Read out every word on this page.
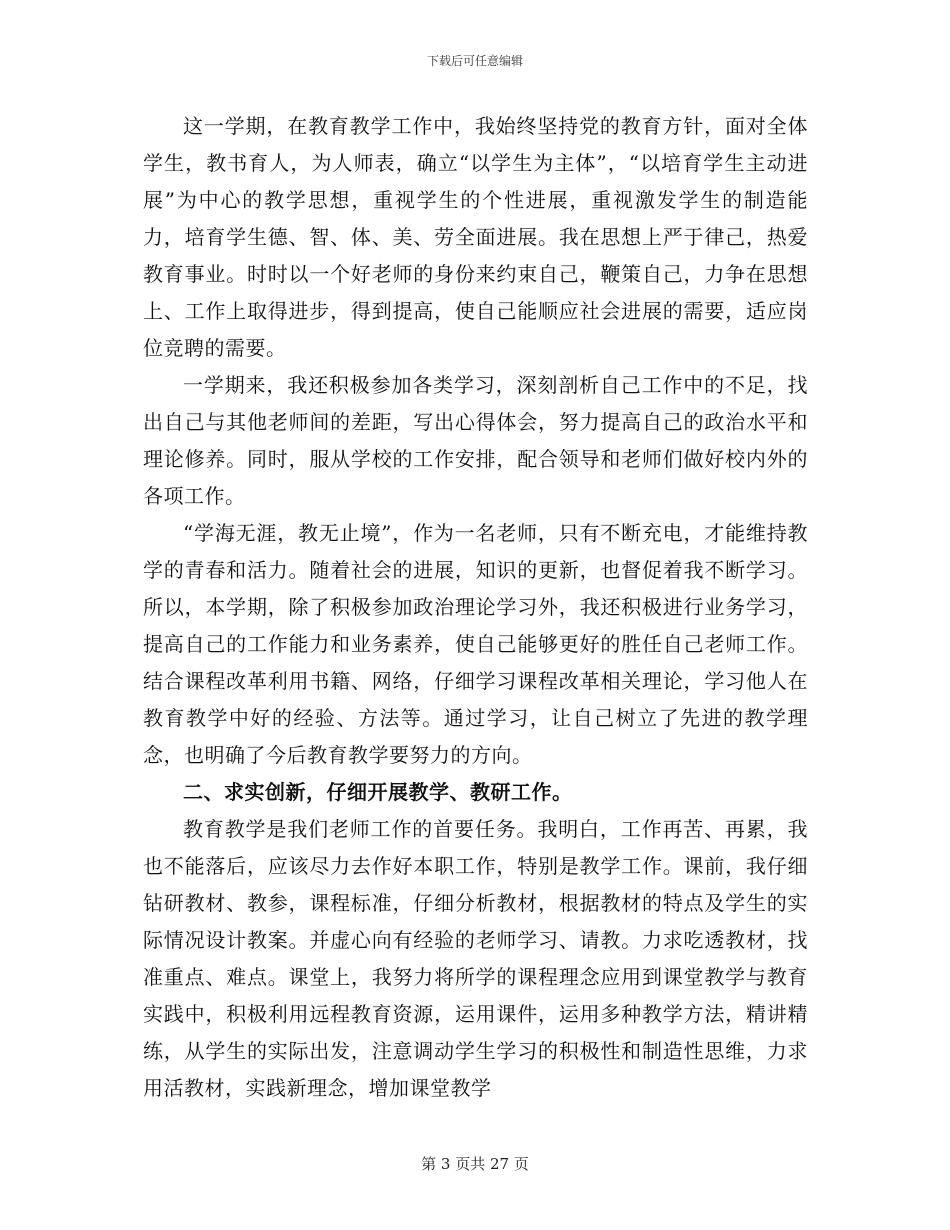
下载后可任意编辑

这一学期，在教育教学工作中，我始终坚持党的教育方针，面对全体学生，教书育人，为人师表，确立“以学生为主体”，“以培育学生主动进展”为中心的教学思想，重视学生的个性进展，重视激发学生的制造能力，培育学生德、智、体、美、劳全面进展。我在思想上严于律己，热爱教育事业。时时以一个好老师的身份来约束自己，鞭策自己，力争在思想上、工作上取得进步，得到提高，使自己能顺应社会进展的需要，适应岗位竞聘的需要。

一学期来，我还积极参加各类学习，深刻剖析自己工作中的不足，找出自己与其他老师间的差距，写出心得体会，努力提高自己的政治水平和理论修养。同时，服从学校的工作安排，配合领导和老师们做好校内外的各项工作。

“学海无涯，教无止境”，作为一名老师，只有不断充电，才能维持教学的青春和活力。随着社会的进展，知识的更新，也督促着我不断学习。所以，本学期，除了积极参加政治理论学习外，我还积极进行业务学习，提高自己的工作能力和业务素养，使自己能够更好的胜任自己老师工作。结合课程改革利用书籍、网络，仔细学习课程改革相关理论，学习他人在教育教学中好的经验、方法等。通过学习，让自己树立了先进的教学理念，也明确了今后教育教学要努力的方向。

二、求实创新，仔细开展教学、教研工作。

教育教学是我们老师工作的首要任务。我明白，工作再苦、再累，我也不能落后，应该尽力去作好本职工作，特别是教学工作。课前，我仔细钻研教材、教参，课程标准，仔细分析教材，根据教材的特点及学生的实际情况设计教案。并虚心向有经验的老师学习、请教。力求吃透教材，找准重点、难点。课堂上，我努力将所学的课程理念应用到课堂教学与教育实践中，积极利用远程教育资源，运用课件，运用多种教学方法，精讲精练，从学生的实际出发，注意调动学生学习的积极性和制造性思维，力求用活教材，实践新理念，增加课堂教学

第 3 页共 27 页
